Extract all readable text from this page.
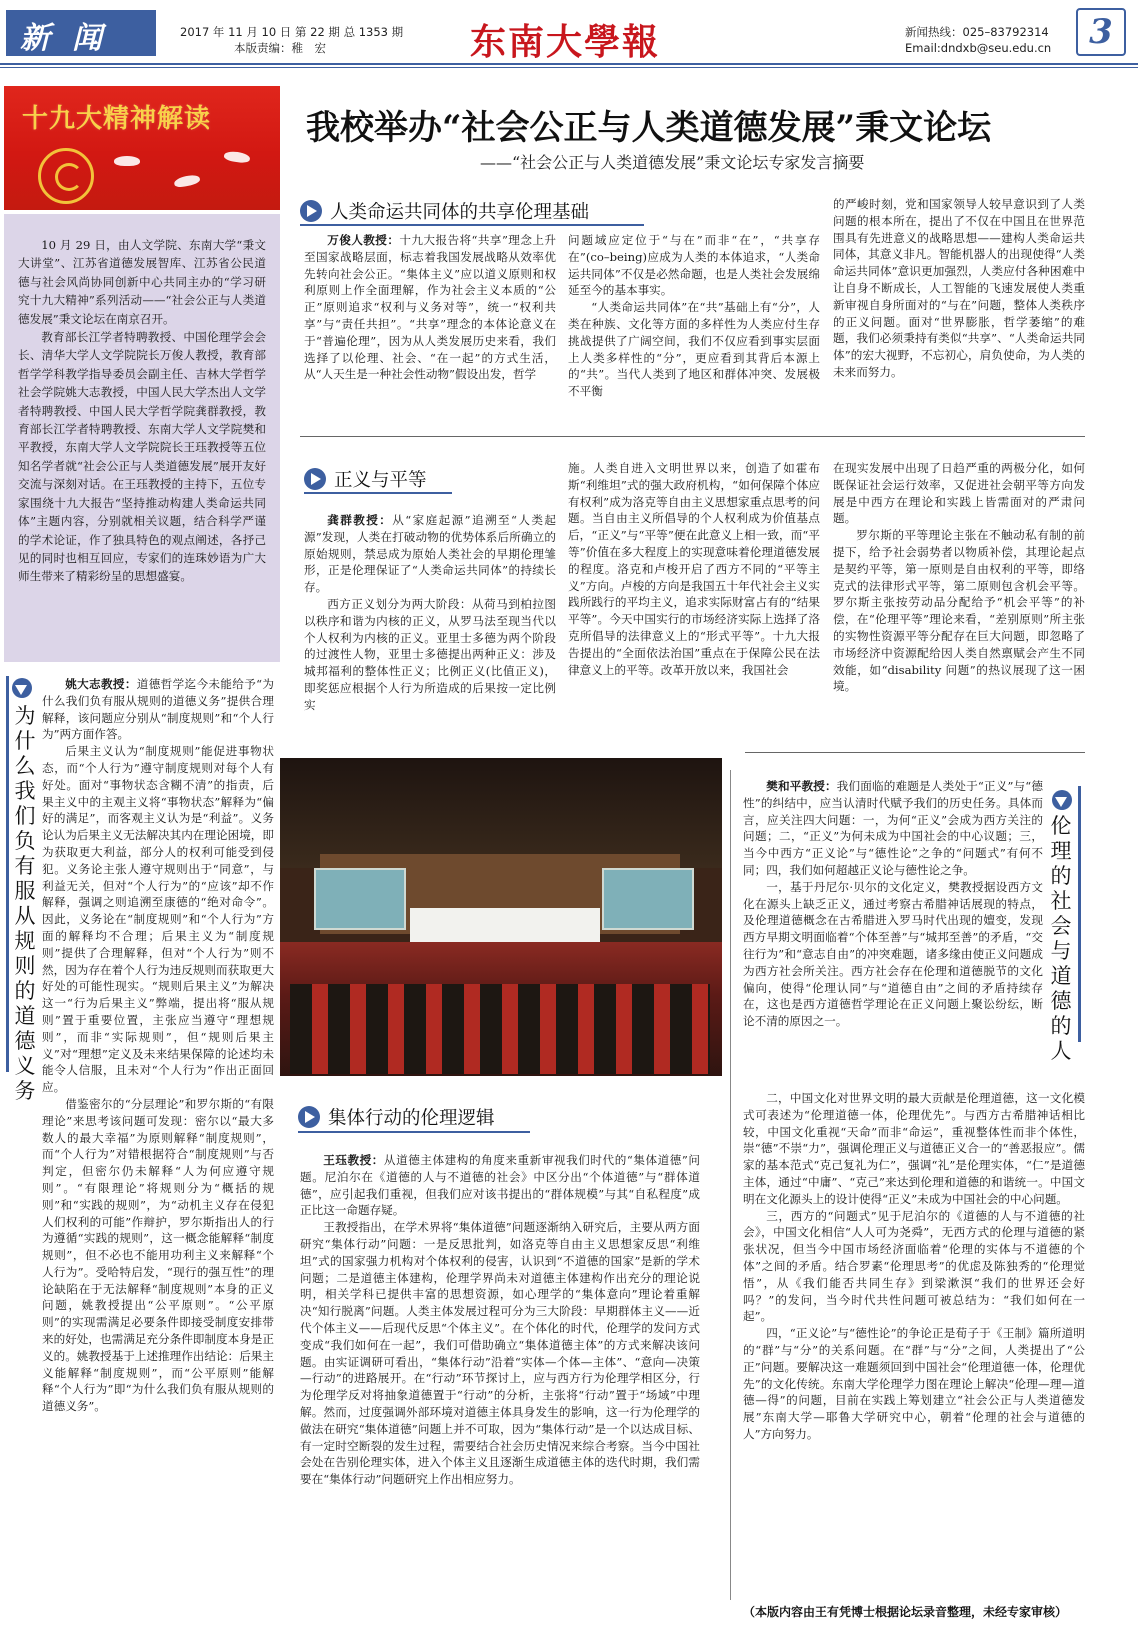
新闻	2017 年 11 月 10 日 第 22 期 总 1353 期
本版责编：稚　宏	东南大學報	新闻热线：025–83792314
Email:dndxb@seu.edu.cn	3
十九大精神解读

10 月 29 日，由人文学院、东南大学“秉文大讲堂”、江苏省道德发展智库、江苏省公民道德与社会风尚协同创新中心共同主办的“学习研究十九大精神”系列活动——“社会公正与人类道德发展”秉文论坛在南京召开。

教育部长江学者特聘教授、中国伦理学会会长、清华大学人文学院院长万俊人教授，教育部哲学学科教学指导委员会副主任、吉林大学哲学社会学院姚大志教授，中国人民大学杰出人文学者特聘教授、中国人民大学哲学院龚群教授，教育部长江学者特聘教授、东南大学人文学院樊和平教授，东南大学人文学院院长王珏教授等五位知名学者就“社会公正与人类道德发展”展开友好交流与深刻对话。在王珏教授的主持下，五位专家围绕十九大报告“坚持推动构建人类命运共同体”主题内容，分别就相关议题，结合科学严谨的学术论证，作了独具特色的观点阐述，各抒己见的同时也相互回应，专家们的连珠妙语为广大师生带来了精彩纷呈的思想盛宴。

我校举办“社会公正与人类道德发展”秉文论坛
——“社会公正与人类道德发展”秉文论坛专家发言摘要
人类命运共同体的共享伦理基础

万俊人教授：十九大报告将“共享”理念上升至国家战略层面，标志着我国发展战略从效率优先转向社会公正。“集体主义”应以道义原则和权利原则上作全面理解，作为社会主义本质的“公正”原则追求“权利与义务对等”，统一“权利共享”与“责任共担”。“共享”理念的本体论意义在于“普遍伦理”，因为从人类发展历史来看，我们选择了以伦理、社会、“在一起”的方式生活，从“人天生是一种社会性动物”假设出发，哲学

问题域应定位于“与在”而非“在”，“共享存在”(co–being)应成为人类的本体追求，“人类命运共同体”不仅是必然命题，也是人类社会发展绵延至今的基本事实。

“人类命运共同体”在“共”基础上有“分”，人类在种族、文化等方面的多样性为人类应付生存挑战提供了广阔空间，我们不仅应看到事实层面上人类多样性的“分”，更应看到其背后本源上的“共”。当代人类到了地区和群体冲突、发展极不平衡

的严峻时刻，党和国家领导人较早意识到了人类问题的根本所在，提出了不仅在中国且在世界范围具有先进意义的战略思想——建构人类命运共同体，其意义非凡。智能机器人的出现使得“人类命运共同体”意识更加强烈，人类应付各种困难中让自身不断成长，人工智能的飞速发展使人类重新审视自身所面对的“与在”问题，整体人类秩序的正义问题。面对“世界膨胀，哲学萎缩”的难题，我们必须秉持有类似“共享”、“人类命运共同体”的宏大视野，不忘初心，肩负使命，为人类的未来而努力。

正义与平等

龚群教授：从“家庭起源”追溯至“人类起源”发现，人类在打破动物的优势体系后所确立的原始规则，禁忌成为原始人类社会的早期伦理雏形，正是伦理保证了“人类命运共同体”的持续长存。

西方正义划分为两大阶段：从荷马到柏拉图以秩序和谐为内核的正义，从罗马法至现当代以个人权利为内核的正义。亚里士多德为两个阶段的过渡性人物，亚里士多德提出两种正义：涉及城邦福利的整体性正义；比例正义(比值正义)，即奖惩应根据个人行为所造成的后果按一定比例实

施。人类自进入文明世界以来，创造了如霍布斯“利维坦”式的强大政府机构，“如何保障个体应有权利”成为洛克等自由主义思想家重点思考的问题。当自由主义所倡导的个人权利成为价值基点后，“正义”与“平等”便在此意义上相一致，而“平等”价值在多大程度上的实现意味着伦理道德发展的程度。洛克和卢梭开启了西方不同的“平等主义”方向。卢梭的方向是我国五十年代社会主义实践所践行的平均主义，追求实际财富占有的“结果平等”。今天中国实行的市场经济实际上选择了洛克所倡导的法律意义上的“形式平等”。十九大报告提出的“全面依法治国”重点在于保障公民在法律意义上的平等。改革开放以来，我国社会

在现实发展中出现了日趋严重的两极分化，如何既保证社会运行效率，又促进社会朝平等方向发展是中西方在理论和实践上皆需面对的严肃问题。

罗尔斯的平等理论主张在不触动私有制的前提下，给予社会弱势者以物质补偿，其理论起点是契约平等，第一原则是自由权利的平等，即络克式的法律形式平等，第二原则包含机会平等。罗尔斯主张按劳动品分配给予“机会平等”的补偿，在“伦理平等”理论来看，“差别原则”所主张的实物性资源平等分配存在巨大问题，即忽略了市场经济中资源配给因人类自然禀赋会产生不同效能，如“disability 问题”的热议展现了这一困境。

为什么我们负有服从规则的道德义务

姚大志教授：道德哲学迄今未能给予“为什么我们负有服从规则的道德义务”提供合理解释，该问题应分别从“制度规则”和“个人行为”两方面作答。

后果主义认为“制度规则”能促进事物状态，而“个人行为”遵守制度规则对每个人有好处。面对“事物状态含糊不清”的指责，后果主义中的主观主义将“事物状态”解释为“偏好的满足”，而客观主义认为是“利益”。义务论认为后果主义无法解决其内在理论困境，即为获取更大利益，部分人的权利可能受到侵犯。义务论主张人遵守规则出于“同意”，与利益无关，但对“个人行为”的“应该”却不作解释，强调之则追溯至康德的“绝对命令”。因此，义务论在“制度规则”和“个人行为”方面的解释均不合理；后果主义为“制度规则”提供了合理解释，但对“个人行为”则不然，因为存在着个人行为违反规则而获取更大好处的可能性现实。“规则后果主义”为解决这一“行为后果主义”弊端，提出将“服从规则”置于重要位置，主张应当遵守“理想规则”，而非“实际规则”，但“规则后果主义”对“理想”定义及未来结果保障的论述均未能令人信服，且未对“个人行为”作出正面回应。

借鉴密尔的“分层理论”和罗尔斯的“有限理论”来思考该问题可发现：密尔以“最大多数人的最大幸福”为原则解释“制度规则”，而“个人行为”对错根据符合“制度规则”与否判定，但密尔仍未解释“人为何应遵守规则”。“有限理论”将规则分为“概括的规则”和“实践的规则”，为“动机主义存在侵犯人们权利的可能”作辩护，罗尔斯指出人的行为遵循“实践的规则”，这一概念能解释“制度规则”，但不必也不能用功利主义来解释“个人行为”。受哈特启发，“现行的强互性”的理论缺陷在于无法解释“制度规则”本身的正义问题，姚教授提出“公平原则”。“公平原则”的实现需满足必要条件即接受制度安排带来的好处，也需满足充分条件即制度本身是正义的。姚教授基于上述推理作出结论：后果主义能解释“制度规则”，而“公平原则”能解释“个人行为”即“为什么我们负有服从规则的道德义务”。

集体行动的伦理逻辑

王珏教授：从道德主体建构的角度来重新审视我们时代的“集体道德”问题。尼泊尔在《道德的人与不道德的社会》中区分出“个体道德”与“群体道德”，应引起我们重视，但我们应对该书提出的“群体规模”与其“自私程度”成正比这一命题存疑。

王教授指出，在学术界将“集体道德”问题逐渐纳入研究后，主要从两方面研究“集体行动”问题：一是反思批判，如洛克等自由主义思想家反思“利维坦”式的国家强力机构对个体权利的侵害，认识到“不道德的国家”是新的学术问题；二是道德主体建构，伦理学界尚未对道德主体建构作出充分的理论说明，相关学科已提供丰富的思想资源，如心理学的“集体意向”理论着重解决“知行脱离”问题。人类主体发展过程可分为三大阶段：早期群体主义——近代个体主义——后现代反思“个体主义”。在个体化的时代，伦理学的发问方式变成“我们如何在一起”，我们可借助确立“集体道德主体”的方式来解决该问题。由实证调研可看出，“集体行动”沿着“实体—个体—主体”、“意向—决策—行动”的进路展开。在“行动”环节探讨上，应与西方行为伦理学相区分，行为伦理学反对将抽象道德置于“行动”的分析，主张将“行动”置于“场域”中理解。然而，过度强调外部环境对道德主体具身发生的影响，这一行为伦理学的做法在研究“集体道德”问题上并不可取，因为“集体行动”是一个以达成目标、有一定时空断裂的发生过程，需要结合社会历史情况来综合考察。当今中国社会处在告别伦理实体，进入个体主义且逐渐生成道德主体的迭代时期，我们需要在“集体行动”问题研究上作出相应努力。

樊和平教授：我们面临的难题是人类处于“正义”与“德性”的纠结中，应当认清时代赋予我们的历史任务。具体而言，应关注四大问题：一，为何“正义”会成为西方关注的问题；二，“正义”为何未成为中国社会的中心议题；三，当今中西方“正义论”与“德性论”之争的“问题式”有何不同；四，我们如何超越正义论与德性论之争。

一，基于丹尼尔·贝尔的文化定义，樊教授据设西方文化在源头上缺乏正义，通过考察古希腊神话展现的特点，及伦理道德概念在古希腊进入罗马时代出现的嬗变，发现西方早期文明面临着“个体至善”与“城邦至善”的矛盾，“交往行为”和“意志自由”的冲突难题，诸多缘由使正义问题成为西方社会所关注。西方社会存在伦理和道德脱节的文化偏向，使得“伦理认同”与“道德自由”之间的矛盾持续存在，这也是西方道德哲学理论在正义问题上聚讼纷纭，断论不清的原因之一。

伦理的社会与道德的人

二，中国文化对世界文明的最大贡献是伦理道德，这一文化模式可表述为“伦理道德一体，伦理优先”。与西方古希腊神话相比较，中国文化重视“天命”而非“命运”，重视整体性而非个体性，崇“德”不崇“力”，强调伦理正义与道德正义合一的“善恶报应”。儒家的基本范式“克己复礼为仁”，强调“礼”是伦理实体，“仁”是道德主体，通过“中庸”、“克己”来达到伦理和道德的和谐统一。中国文明在文化源头上的设计使得“正义”未成为中国社会的中心问题。

三，西方的“问题式”见于尼泊尔的《道德的人与不道德的社会》，中国文化相信“人人可为尧舜”，无西方式的伦理与道德的紧张状况，但当今中国市场经济面临着“伦理的实体与不道德的个体”之间的矛盾。结合罗素“伦理思考”的优虑及陈独秀的“伦理觉悟”，从《我们能否共同生存》到梁漱溟“我们的世界还会好吗？”的发问，当今时代共性问题可被总结为：“我们如何在一起”。

四，“正义论”与“德性论”的争论正是荀子于《王制》篇所道明的“群”与“分”的关系问题。在“群”与“分”之间，人类提出了“公正”问题。要解决这一难题须回到中国社会“伦理道德一体，伦理优先”的文化传统。东南大学伦理学力图在理论上解决“伦理—理—道德—得”的问题，目前在实践上筹划建立“社会公正与人类道德发展”东南大学—耶鲁大学研究中心，朝着“伦理的社会与道德的人”方向努力。

（本版内容由王有凭博士根据论坛录音整理，未经专家审核）
